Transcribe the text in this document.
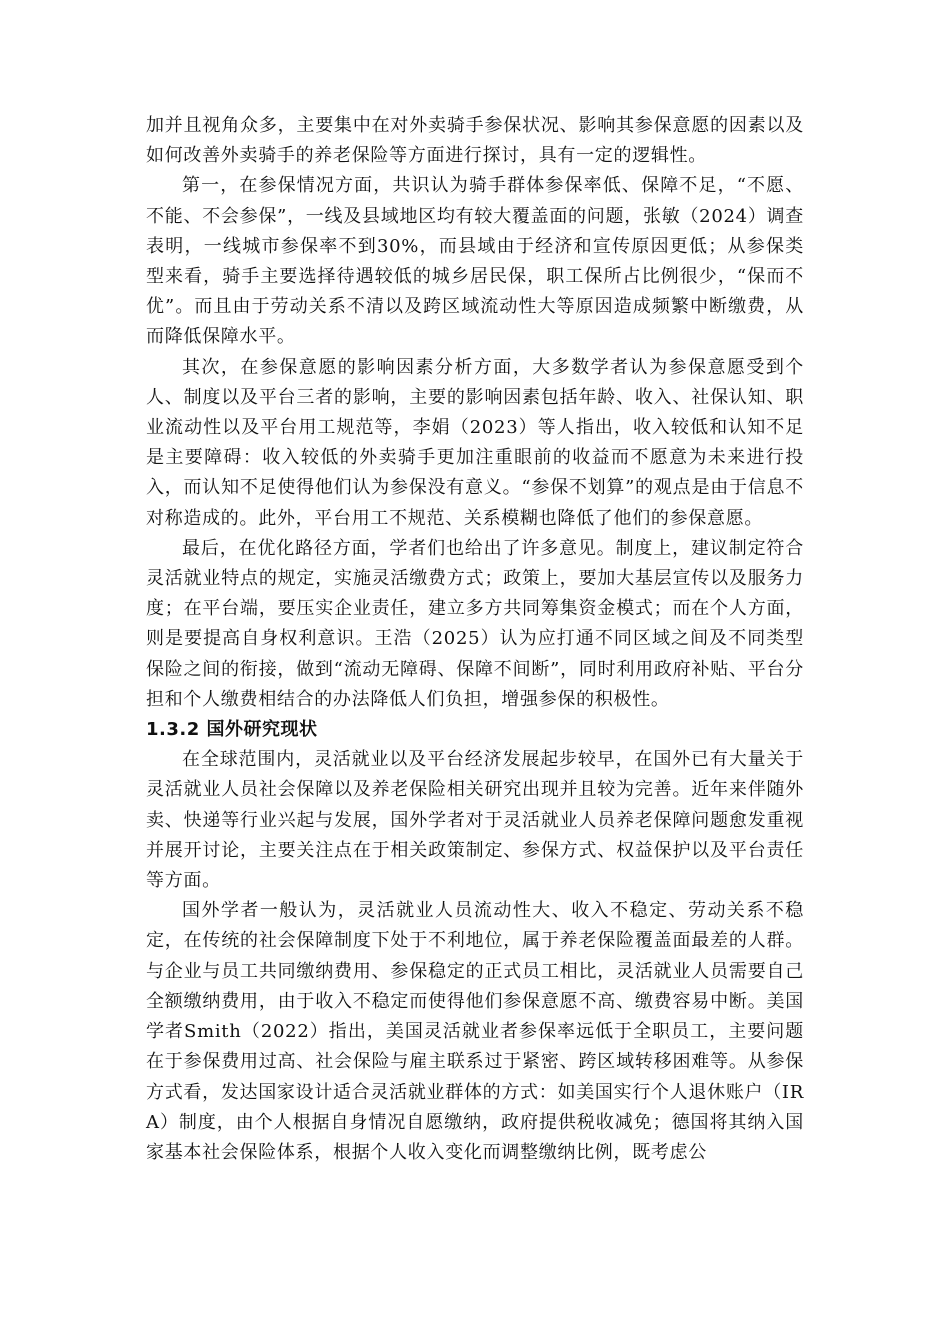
加并且视角众多，主要集中在对外卖骑手参保状况、影响其参保意愿的因素以及如何改善外卖骑手的养老保险等方面进行探讨，具有一定的逻辑性。

第一，在参保情况方面，共识认为骑手群体参保率低、保障不足，“不愿、不能、不会参保”，一线及县域地区均有较大覆盖面的问题，张敏（2024）调查表明，一线城市参保率不到30%，而县域由于经济和宣传原因更低；从参保类型来看，骑手主要选择待遇较低的城乡居民保，职工保所占比例很少，“保而不优”。而且由于劳动关系不清以及跨区域流动性大等原因造成频繁中断缴费，从而降低保障水平。

其次，在参保意愿的影响因素分析方面，大多数学者认为参保意愿受到个人、制度以及平台三者的影响，主要的影响因素包括年龄、收入、社保认知、职业流动性以及平台用工规范等，李娟（2023）等人指出，收入较低和认知不足是主要障碍：收入较低的外卖骑手更加注重眼前的收益而不愿意为未来进行投入，而认知不足使得他们认为参保没有意义。“参保不划算”的观点是由于信息不对称造成的。此外，平台用工不规范、关系模糊也降低了他们的参保意愿。

最后，在优化路径方面，学者们也给出了许多意见。制度上，建议制定符合灵活就业特点的规定，实施灵活缴费方式；政策上，要加大基层宣传以及服务力度；在平台端，要压实企业责任，建立多方共同筹集资金模式；而在个人方面，则是要提高自身权利意识。王浩（2025）认为应打通不同区域之间及不同类型保险之间的衔接，做到“流动无障碍、保障不间断”，同时利用政府补贴、平台分担和个人缴费相结合的办法降低人们负担，增强参保的积极性。

1.3.2 国外研究现状

在全球范围内，灵活就业以及平台经济发展起步较早，在国外已有大量关于灵活就业人员社会保障以及养老保险相关研究出现并且较为完善。近年来伴随外卖、快递等行业兴起与发展，国外学者对于灵活就业人员养老保障问题愈发重视并展开讨论，主要关注点在于相关政策制定、参保方式、权益保护以及平台责任等方面。

国外学者一般认为，灵活就业人员流动性大、收入不稳定、劳动关系不稳定，在传统的社会保障制度下处于不利地位，属于养老保险覆盖面最差的人群。与企业与员工共同缴纳费用、参保稳定的正式员工相比，灵活就业人员需要自己全额缴纳费用，由于收入不稳定而使得他们参保意愿不高、缴费容易中断。美国学者Smith（2022）指出，美国灵活就业者参保率远低于全职员工，主要问题在于参保费用过高、社会保险与雇主联系过于紧密、跨区域转移困难等。从参保方式看，发达国家设计适合灵活就业群体的方式：如美国实行个人退休账户（IRA）制度，由个人根据自身情况自愿缴纳，政府提供税收减免；德国将其纳入国家基本社会保险体系，根据个人收入变化而调整缴纳比例，既考虑公
